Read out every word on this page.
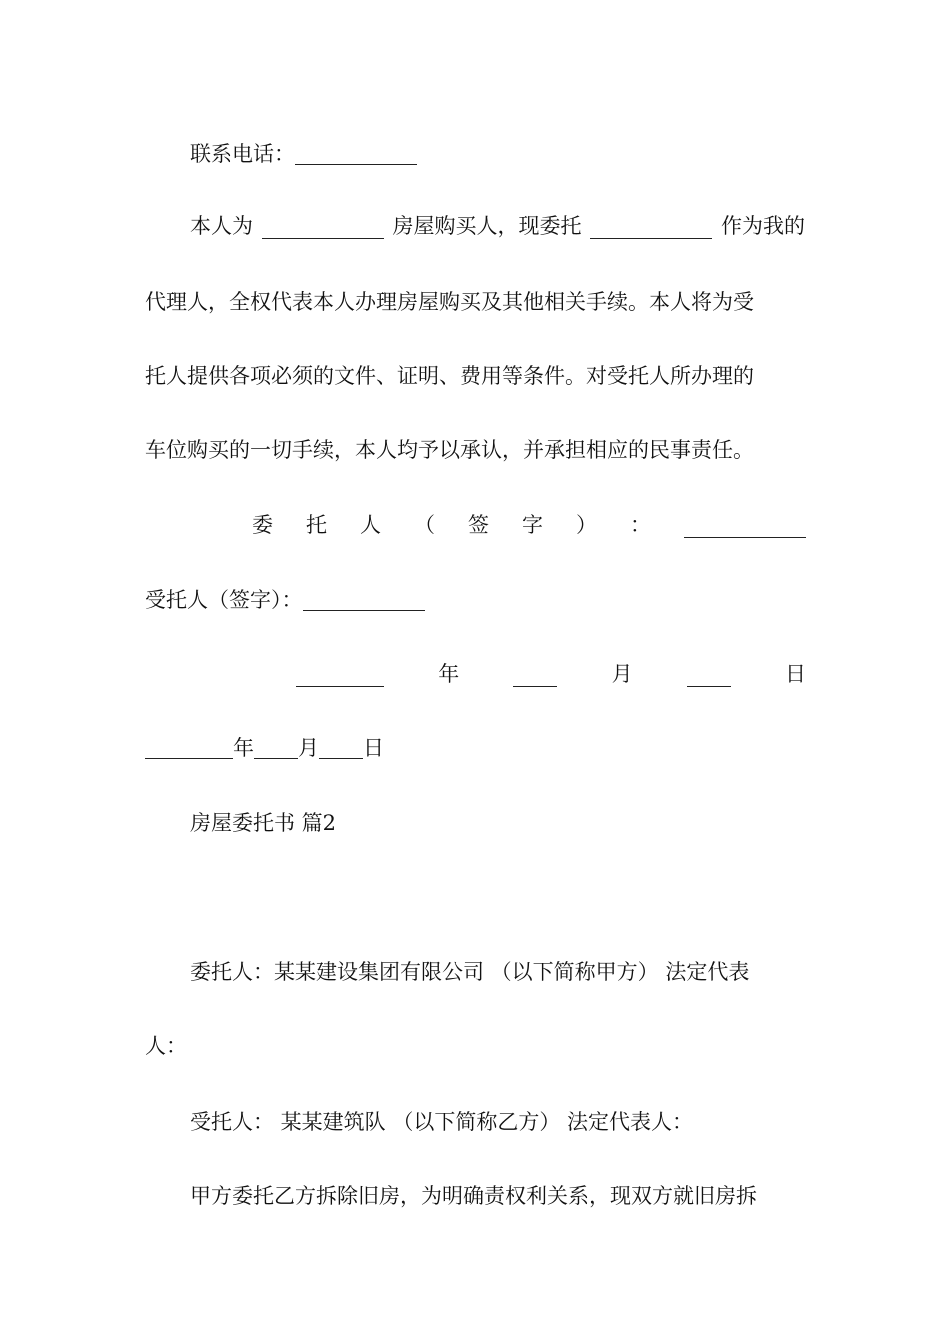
联系电话：
本人为	房屋购买人，现委托	作为我的
代理人，全权代表本人办理房屋购买及其他相关手续。本人将为受
托人提供各项必须的文件、证明、费用等条件。对受托人所办理的
车位购买的一切手续，本人均予以承认，并承担相应的民事责任。
委 托 人 （ 签 字 ） ：
受托人（签字）：
年	月	日
年 月 日
房屋委托书 篇2
委托人：某某建设集团有限公司 （以下简称甲方） 法定代表
人：
受托人： 某某建筑队 （以下简称乙方） 法定代表人：
甲方委托乙方拆除旧房，为明确责权利关系，现双方就旧房拆
